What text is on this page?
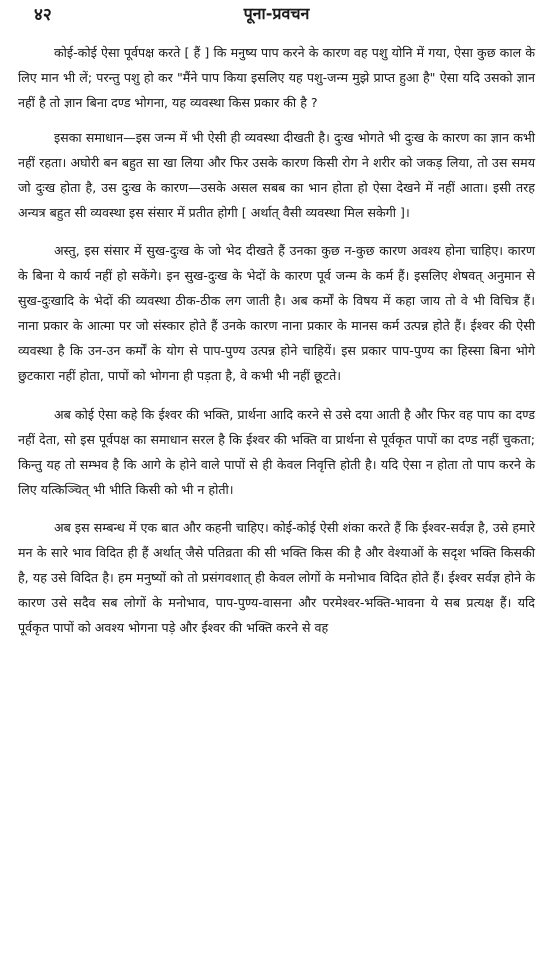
४२	पूना-प्रवचन

कोई-कोई ऐसा पूर्वपक्ष करते [ हैं ] कि मनुष्य पाप करने के कारण वह पशु योनि में गया, ऐसा कुछ काल के लिए मान भी लें; परन्तु पशु हो कर "मैंने पाप किया इसलिए यह पशु-जन्म मुझे प्राप्त हुआ है" ऐसा यदि उसको ज्ञान नहीं है तो ज्ञान बिना दण्ड भोगना, यह व्यवस्था किस प्रकार की है ?

इसका समाधान—इस जन्म में भी ऐसी ही व्यवस्था दीखती है। दुःख भोगते भी दुःख के कारण का ज्ञान कभी नहीं रहता। अघोरी बन बहुत सा खा लिया और फिर उसके कारण किसी रोग ने शरीर को जकड़ लिया, तो उस समय जो दुःख होता है, उस दुःख के कारण—उसके असल सबब का भान होता हो ऐसा देखने में नहीं आता। इसी तरह अन्यत्र बहुत सी व्यवस्था इस संसार में प्रतीत होगी [ अर्थात् वैसी व्यवस्था मिल सकेगी ]।

अस्तु, इस संसार में सुख-दुःख के जो भेद दीखते हैं उनका कुछ न-कुछ कारण अवश्य होना चाहिए। कारण के बिना ये कार्य नहीं हो सकेंगे। इन सुख-दुःख के भेदों के कारण पूर्व जन्म के कर्म हैं। इसलिए शेषवत् अनुमान से सुख-दुःखादि के भेदों की व्यवस्था ठीक-ठीक लग जाती है। अब कर्मों के विषय में कहा जाय तो वे भी विचित्र हैं। नाना प्रकार के आत्मा पर जो संस्कार होते हैं उनके कारण नाना प्रकार के मानस कर्म उत्पन्न होते हैं। ईश्वर की ऐसी व्यवस्था है कि उन-उन कर्मों के योग से पाप-पुण्य उत्पन्न होने चाहियें। इस प्रकार पाप-पुण्य का हिस्सा बिना भोगे छुटकारा नहीं होता, पापों को भोगना ही पड़ता है, वे कभी भी नहीं छूटते।

अब कोई ऐसा कहे कि ईश्वर की भक्ति, प्रार्थना आदि करने से उसे दया आती है और फिर वह पाप का दण्ड नहीं देता, सो इस पूर्वपक्ष का समाधान सरल है कि ईश्वर की भक्ति वा प्रार्थना से पूर्वकृत पापों का दण्ड नहीं चुकता; किन्तु यह तो सम्भव है कि आगे के होने वाले पापों से ही केवल निवृत्ति होती है। यदि ऐसा न होता तो पाप करने के लिए यत्किञ्चित् भी भीति किसी को भी न होती।

अब इस सम्बन्ध में एक बात और कहनी चाहिए। कोई-कोई ऐसी शंका करते हैं कि ईश्वर-सर्वज्ञ है, उसे हमारे मन के सारे भाव विदित ही हैं अर्थात् जैसे पतिव्रता की सी भक्ति किस की है और वेश्याओं के सदृश भक्ति किसकी है, यह उसे विदित है। हम मनुष्यों को तो प्रसंगवशात् ही केवल लोगों के मनोभाव विदित होते हैं। ईश्वर सर्वज्ञ होने के कारण उसे सदैव सब लोगों के मनोभाव, पाप-पुण्य-वासना और परमेश्वर-भक्ति-भावना ये सब प्रत्यक्ष हैं। यदि पूर्वकृत पापों को अवश्य भोगना पड़े और ईश्वर की भक्ति करने से वह
